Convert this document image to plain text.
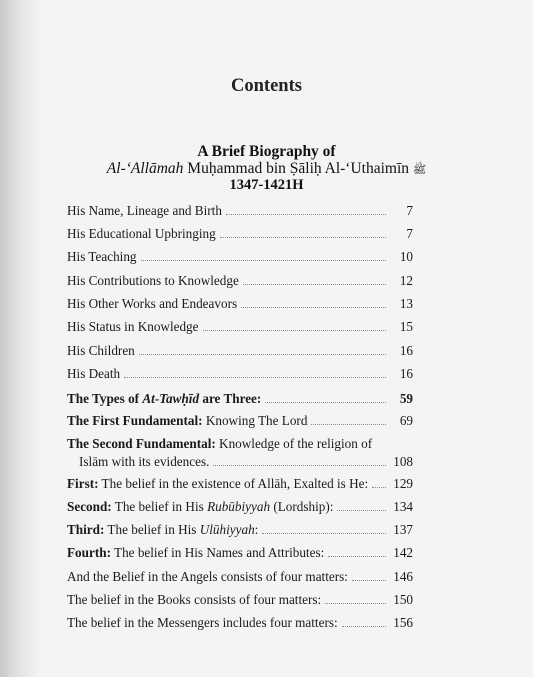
Contents
A Brief Biography of
Al-‘Allāmah Muḥammad bin Ṣāliḥ Al-‘Uthaimīn ﷺ
1347-1421H
His Name, Lineage and Birth	7
His Educational Upbringing	7
His Teaching	10
His Contributions to Knowledge	12
His Other Works and Endeavors	13
His Status in Knowledge	15
His Children	16
His Death	16
The Types of At-Tawḥīd are Three:	59
The First Fundamental: Knowing The Lord	69
The Second Fundamental: Knowledge of the religion of
Islām with its evidences.	108
First: The belief in the existence of Allāh, Exalted is He: 129
Second: The belief in His Rubūbiyyah (Lordship):	134
Third: The belief in His Ulūhiyyah:	137
Fourth: The belief in His Names and Attributes:	142
And the Belief in the Angels consists of four matters:	146
The belief in the Books consists of four matters:	150
The belief in the Messengers includes four matters:	156
